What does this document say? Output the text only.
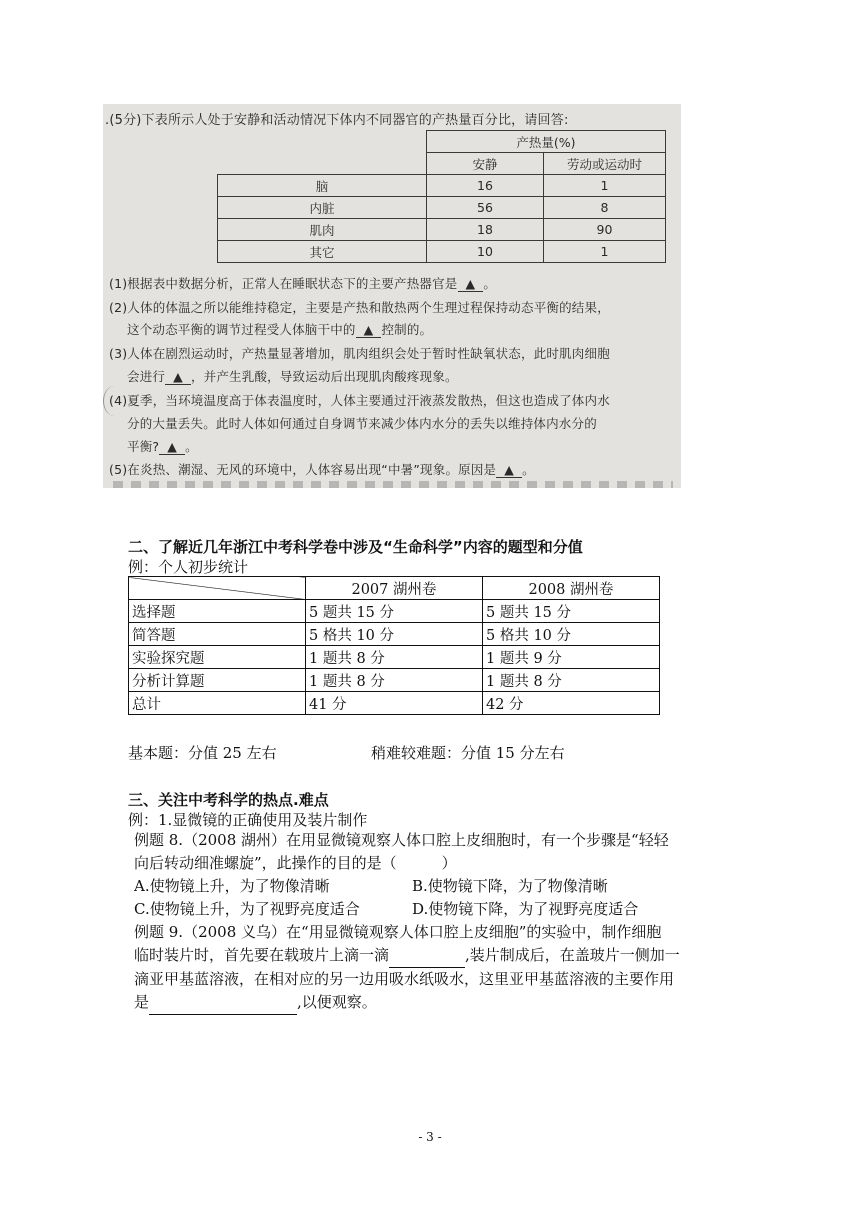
.(5分)下表所示人处于安静和活动情况下体内不同器官的产热量百分比，请回答:
	产热量(%)	
	安静	劳动或运动时
脑	16	1
内脏	56	8
肌肉	18	90
其它	10	1
(1)根据表中数据分析，正常人在睡眠状态下的主要产热器官是 ▲ 。
(2)人体的体温之所以能维持稳定，主要是产热和散热两个生理过程保持动态平衡的结果，
这个动态平衡的调节过程受人体脑干中的 ▲ 控制的。
(3)人体在剧烈运动时，产热量显著增加，肌肉组织会处于暂时性缺氧状态，此时肌肉细胞
会进行 ▲ ，并产生乳酸，导致运动后出现肌肉酸疼现象。
(4)夏季，当环境温度高于体表温度时，人体主要通过汗液蒸发散热，但这也造成了体内水
分的大量丢失。此时人体如何通过自身调节来减少体内水分的丢失以维持体内水分的
平衡? ▲ 。
(5)在炎热、潮湿、无风的环境中，人体容易出现“中暑”现象。原因是 ▲ 。
二、了解近几年浙江中考科学卷中涉及“生命科学”内容的题型和分值
例：个人初步统计
	2007 湖州卷	2008 湖州卷
选择题	5 题共 15 分	5 题共 15 分
简答题	5 格共 10 分	5 格共 10 分
实验探究题	1 题共 8 分	1 题共 9 分
分析计算题	1 题共 8 分	1 题共 8 分
总计	41 分	42 分
基本题：分值 25 左右	稍难较难题：分值 15 分左右
三、关注中考科学的热点.难点
例：1.显微镜的正确使用及装片制作
例题 8.（2008 湖州）在用显微镜观察人体口腔上皮细胞时，有一个步骤是“轻轻
向后转动细准螺旋”，此操作的目的是（　　　）
A.使物镜上升，为了物像清晰	B.使物镜下降，为了物像清晰
C.使物镜上升，为了视野亮度适合	D.使物镜下降，为了视野亮度适合
例题 9.（2008 义乌）在“用显微镜观察人体口腔上皮细胞”的实验中，制作细胞
临时装片时，首先要在载玻片上滴一滴	,装片制成后，在盖玻片一侧加一
滴亚甲基蓝溶液，在相对应的另一边用吸水纸吸水，这里亚甲基蓝溶液的主要作用
是	,以便观察。
- 3 -
